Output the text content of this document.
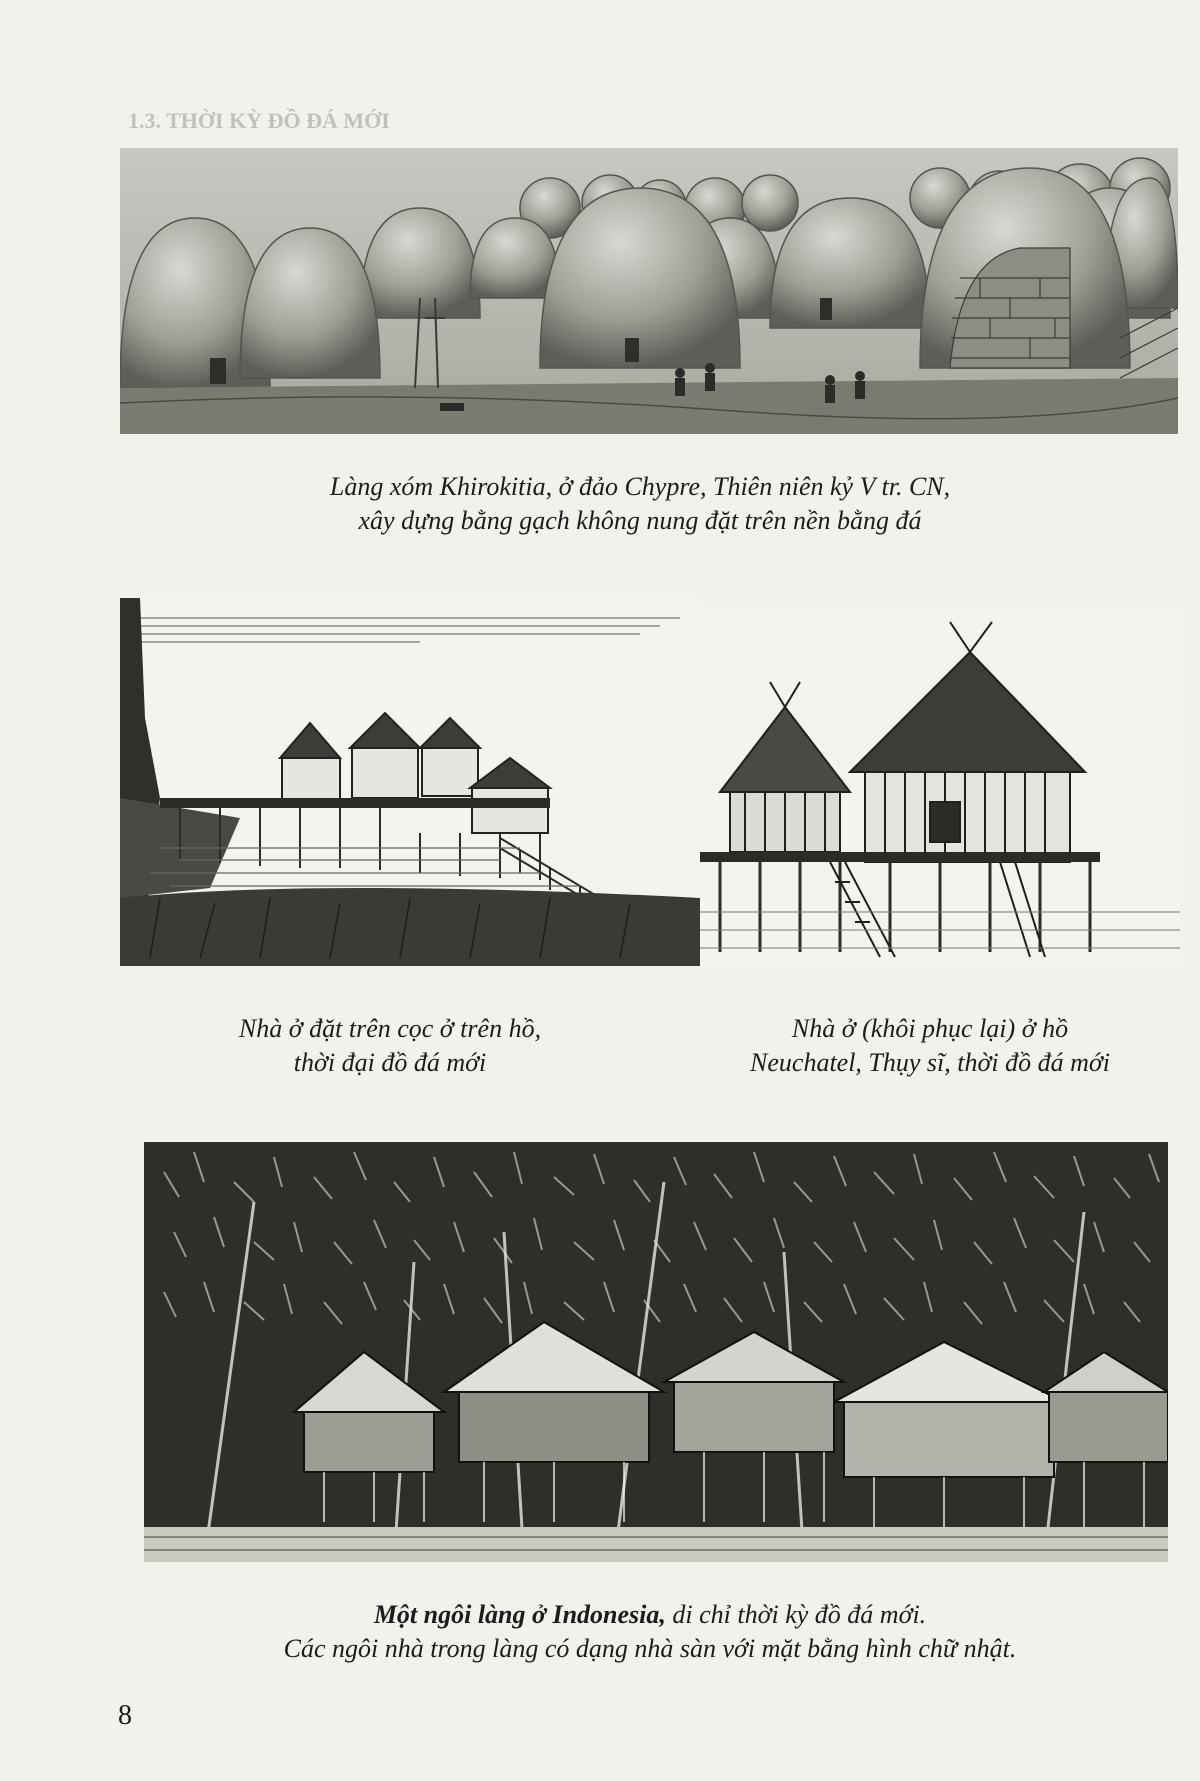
1.3. THỜI KỲ ĐỒ ĐÁ MỚI
Làng xóm Khirokitia, ở đảo Chypre, Thiên niên kỷ V tr. CN,
xây dựng bằng gạch không nung đặt trên nền bằng đá
Nhà ở đặt trên cọc ở trên hồ,
thời đại đồ đá mới
Nhà ở (khôi phục lại) ở hồ
Neuchatel, Thụy sĩ, thời đồ đá mới
Một ngôi làng ở Indonesia, di chỉ thời kỳ đồ đá mới.
Các ngôi nhà trong làng có dạng nhà sàn với mặt bằng hình chữ nhật.
8
